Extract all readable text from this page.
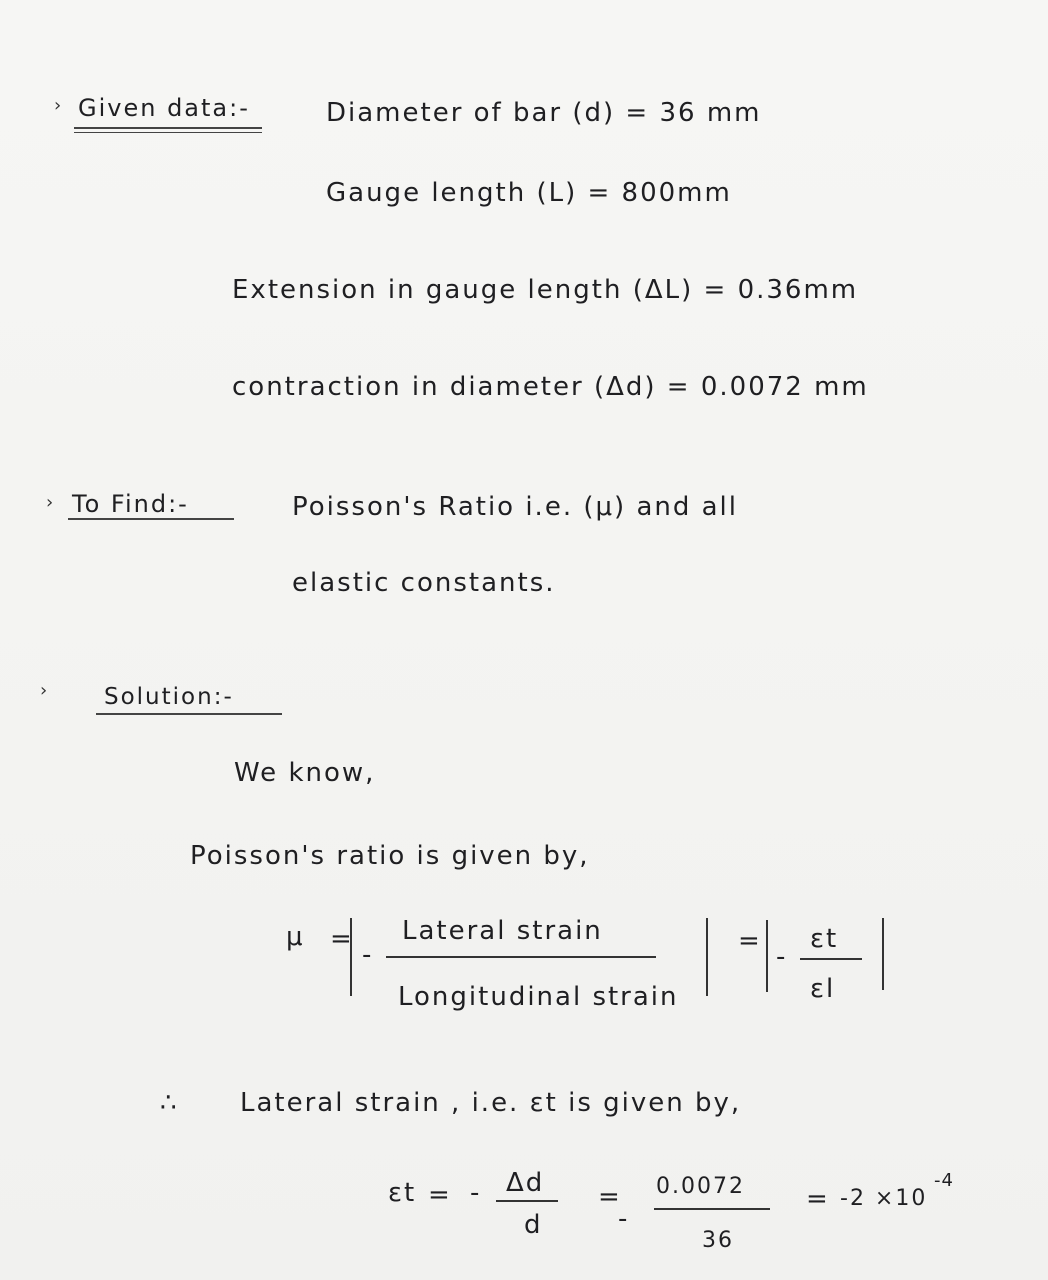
› Given data:-	Diameter of bar (d) = 36 mm
Gauge length (L) = 800mm
Extension in gauge length (ΔL) = 0.36mm
contraction in diameter (Δd) = 0.0072 mm
› To Find:-	Poisson's Ratio i.e. (μ) and all
elastic constants.
› Solution:-
We know,
Poisson's ratio is given by,
μ =
-
Lateral strain
Longitudinal strain
=
-
εt
εl
∴ Lateral strain , i.e. εt is given by,
εt = - Δd
d
=
-
0.0072
36
= -2 ×10
-4
